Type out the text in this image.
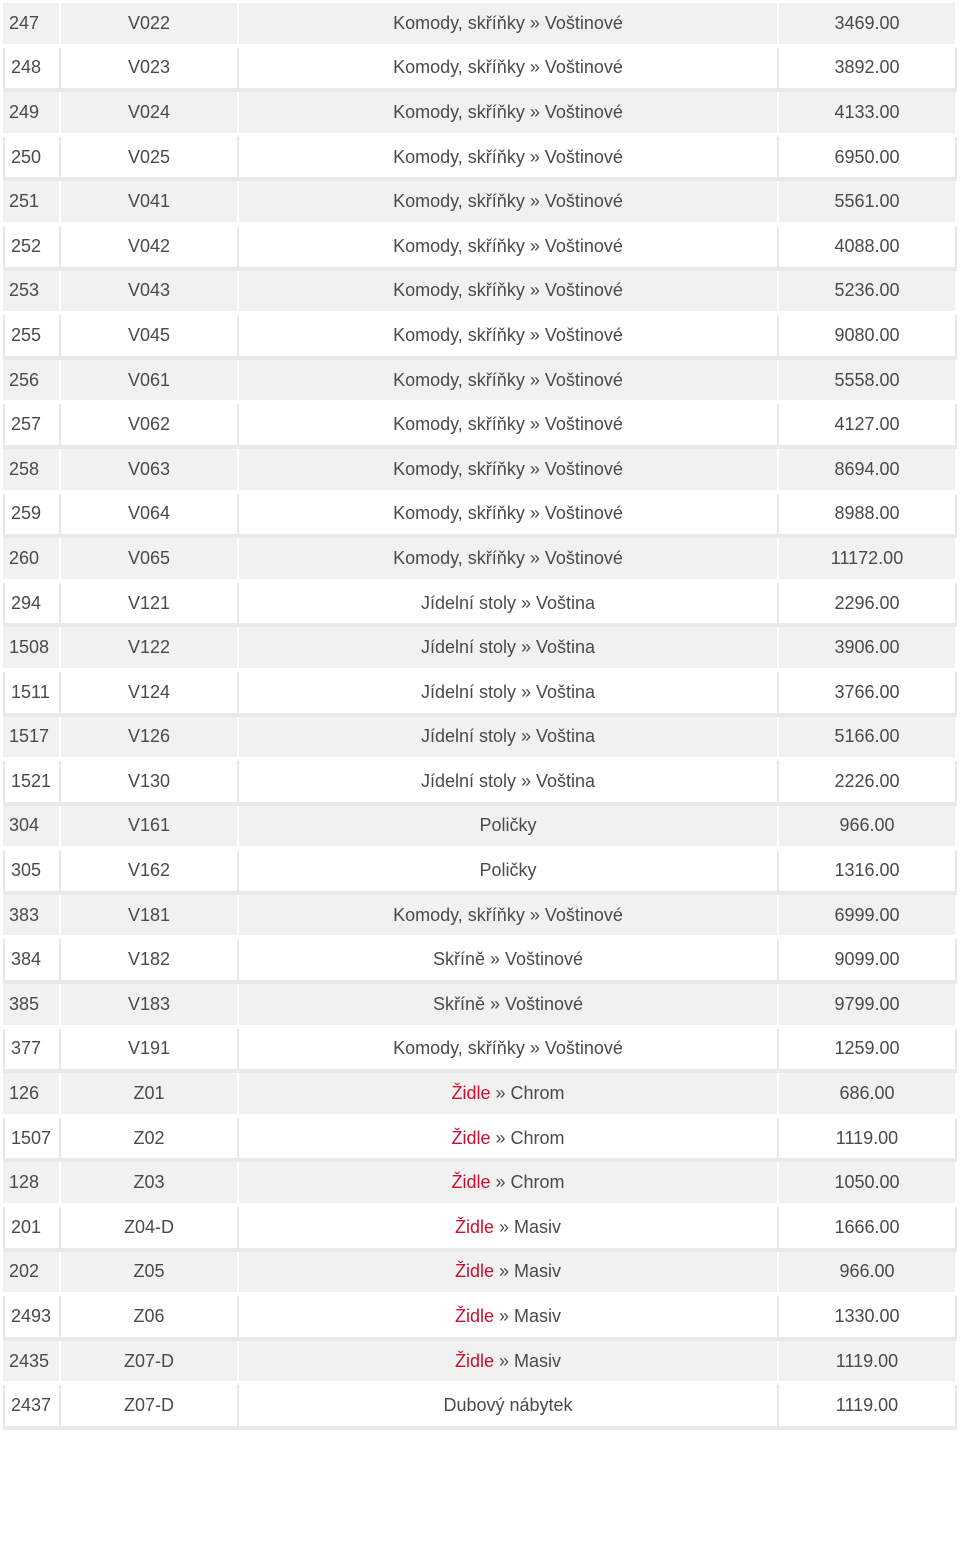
247	V022	Komody, skříňky » Voštinové	3469.00
248	V023	Komody, skříňky » Voštinové	3892.00
249	V024	Komody, skříňky » Voštinové	4133.00
250	V025	Komody, skříňky » Voštinové	6950.00
251	V041	Komody, skříňky » Voštinové	5561.00
252	V042	Komody, skříňky » Voštinové	4088.00
253	V043	Komody, skříňky » Voštinové	5236.00
255	V045	Komody, skříňky » Voštinové	9080.00
256	V061	Komody, skříňky » Voštinové	5558.00
257	V062	Komody, skříňky » Voštinové	4127.00
258	V063	Komody, skříňky » Voštinové	8694.00
259	V064	Komody, skříňky » Voštinové	8988.00
260	V065	Komody, skříňky » Voštinové	11172.00
294	V121	Jídelní stoly » Voština	2296.00
1508	V122	Jídelní stoly » Voština	3906.00
1511	V124	Jídelní stoly » Voština	3766.00
1517	V126	Jídelní stoly » Voština	5166.00
1521	V130	Jídelní stoly » Voština	2226.00
304	V161	Poličky	966.00
305	V162	Poličky	1316.00
383	V181	Komody, skříňky » Voštinové	6999.00
384	V182	Skříně » Voštinové	9099.00
385	V183	Skříně » Voštinové	9799.00
377	V191	Komody, skříňky » Voštinové	1259.00
126	Z01	Židle » Chrom	686.00
1507	Z02	Židle » Chrom	1119.00
128	Z03	Židle » Chrom	1050.00
201	Z04-D	Židle » Masiv	1666.00
202	Z05	Židle » Masiv	966.00
2493	Z06	Židle » Masiv	1330.00
2435	Z07-D	Židle » Masiv	1119.00
2437	Z07-D	Dubový nábytek	1119.00
